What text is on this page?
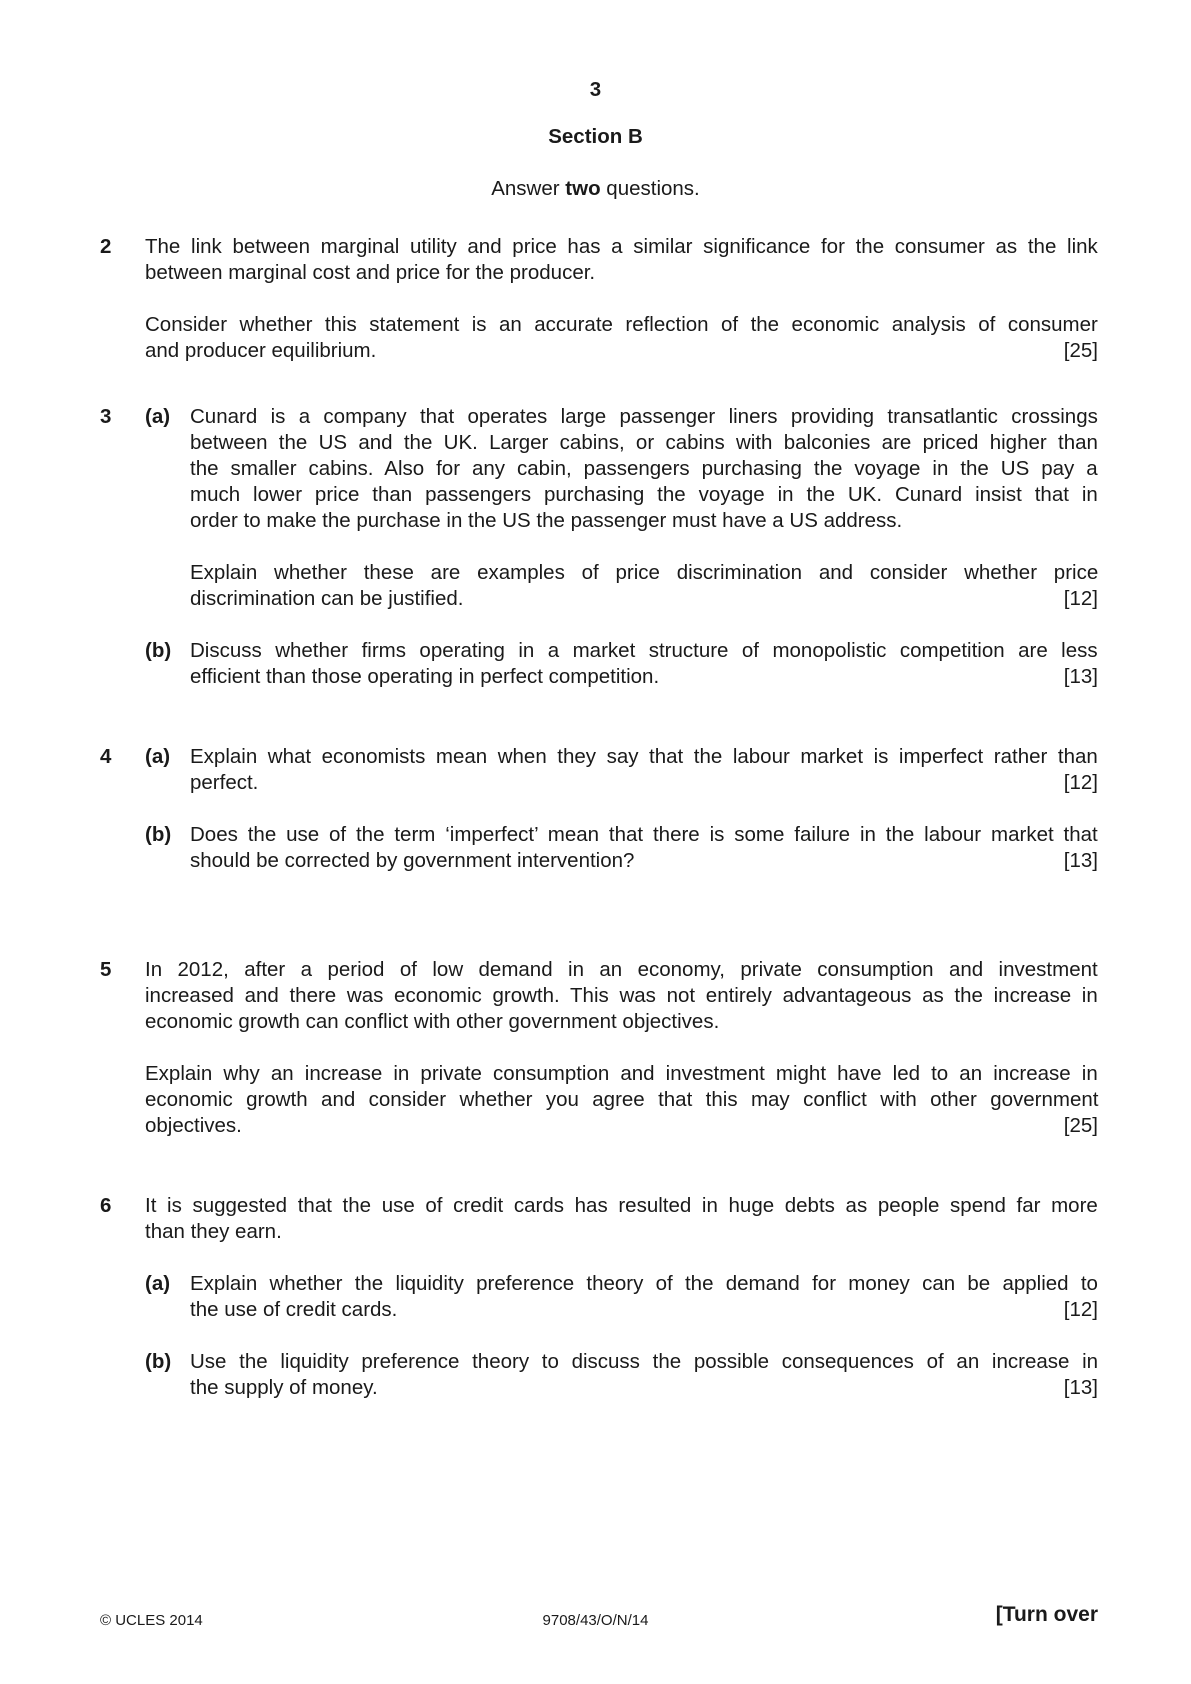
3
Section B
Answer two questions.
2 The link between marginal utility and price has a similar significance for the consumer as the link
between marginal cost and price for the producer.
Consider whether this statement is an accurate reflection of the economic analysis of consumer
and producer equilibrium.	[25]
3 (a) Cunard is a company that operates large passenger liners providing transatlantic crossings
between the US and the UK. Larger cabins, or cabins with balconies are priced higher than
the smaller cabins. Also for any cabin, passengers purchasing the voyage in the US pay a
much lower price than passengers purchasing the voyage in the UK. Cunard insist that in
order to make the purchase in the US the passenger must have a US address.
Explain whether these are examples of price discrimination and consider whether price
discrimination can be justified.	[12]
(b) Discuss whether firms operating in a market structure of monopolistic competition are less
efficient than those operating in perfect competition.	[13]
4 (a) Explain what economists mean when they say that the labour market is imperfect rather than
perfect.	[12]
(b) Does the use of the term ‘imperfect’ mean that there is some failure in the labour market that
should be corrected by government intervention?	[13]
5 In 2012, after a period of low demand in an economy, private consumption and investment
increased and there was economic growth. This was not entirely advantageous as the increase in
economic growth can conflict with other government objectives.
Explain why an increase in private consumption and investment might have led to an increase in
economic growth and consider whether you agree that this may conflict with other government
objectives.	[25]
6 It is suggested that the use of credit cards has resulted in huge debts as people spend far more
than they earn.
(a) Explain whether the liquidity preference theory of the demand for money can be applied to
the use of credit cards.	[12]
(b) Use the liquidity preference theory to discuss the possible consequences of an increase in
the supply of money.	[13]
© UCLES 2014	9708/43/O/N/14	[Turn over
